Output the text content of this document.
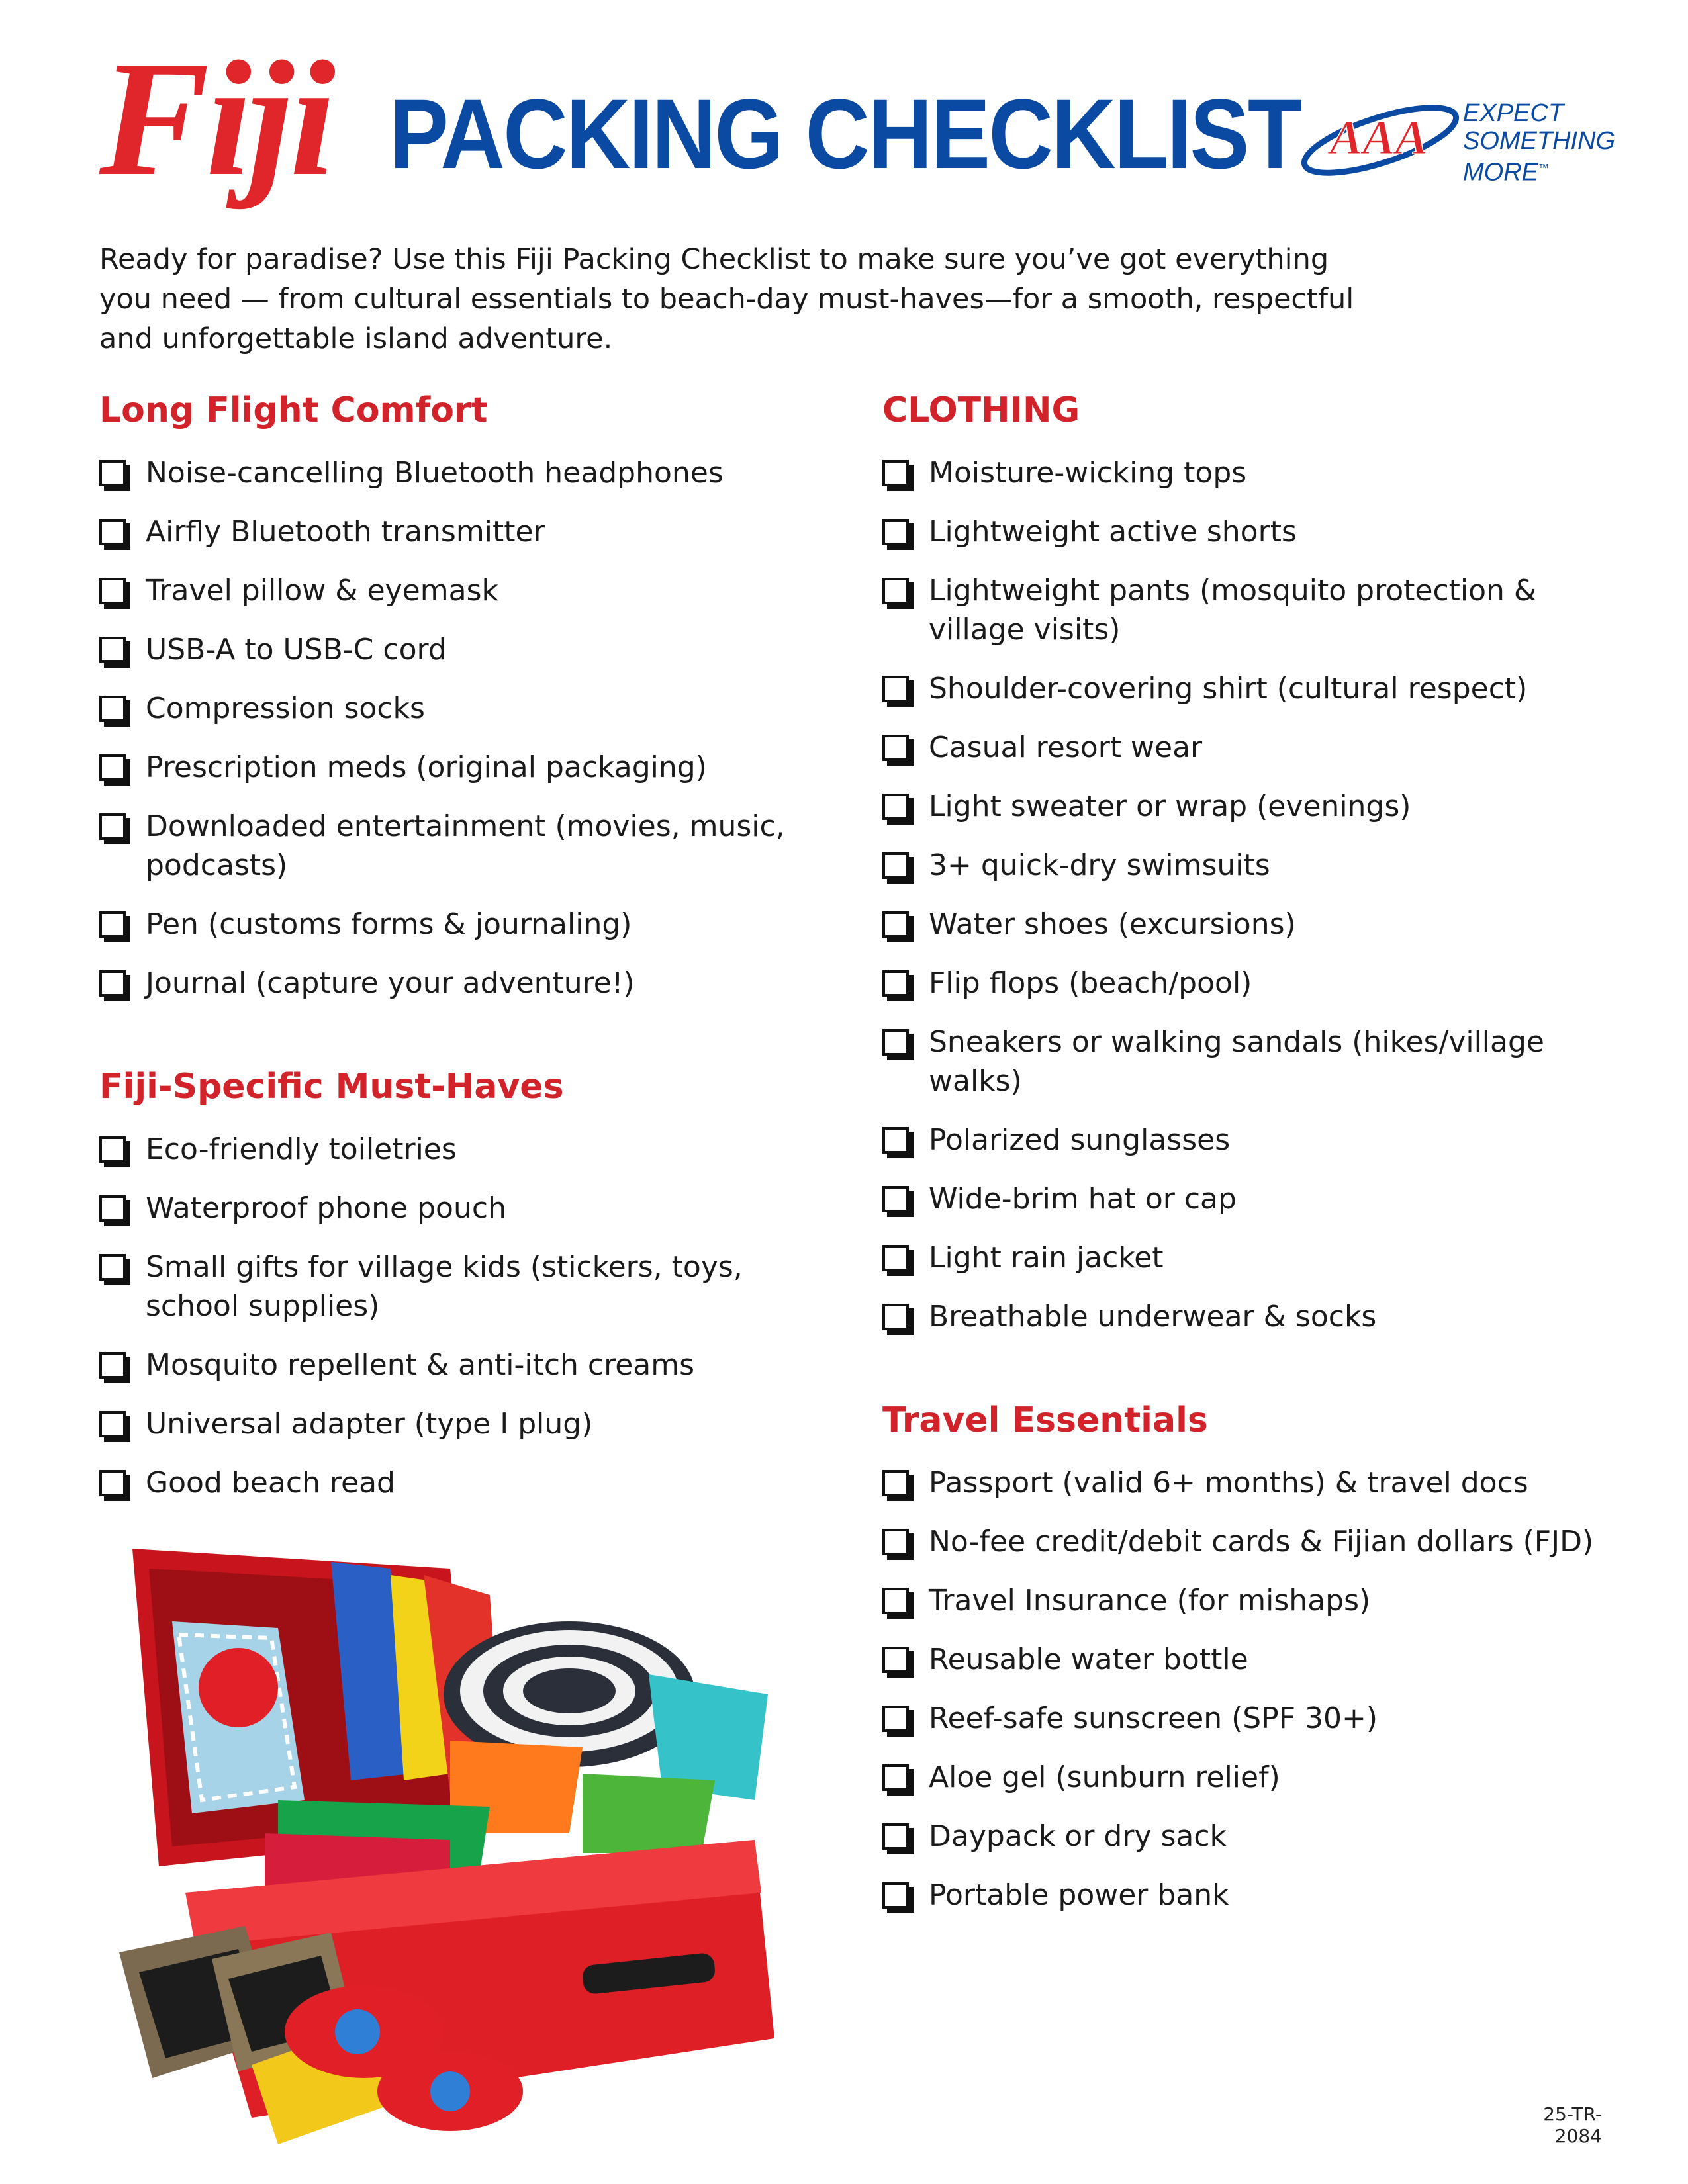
Fiji PACKING CHECKLIST AAA EXPECT
SOMETHING
MORE™
Ready for paradise? Use this Fiji Packing Checklist to make sure you’ve got everything you need — from cultural essentials to beach-day must-haves—for a smooth, respectful and unforgettable island adventure.
Long Flight Comfort
Noise-cancelling Bluetooth headphones
Airfly Bluetooth transmitter
Travel pillow & eyemask
USB-A to USB-C cord
Compression socks
Prescription meds (original packaging)
Downloaded entertainment (movies, music, podcasts)
Pen (customs forms & journaling)
Journal (capture your adventure!)
Fiji-Specific Must-Haves
Eco-friendly toiletries
Waterproof phone pouch
Small gifts for village kids (stickers, toys, school supplies)
Mosquito repellent & anti-itch creams
Universal adapter (type I plug)
Good beach read
CLOTHING
Moisture-wicking tops
Lightweight active shorts
Lightweight pants (mosquito protection & village visits)
Shoulder-covering shirt (cultural respect)
Casual resort wear
Light sweater or wrap (evenings)
3+ quick-dry swimsuits
Water shoes (excursions)
Flip flops (beach/pool)
Sneakers or walking sandals (hikes/village walks)
Polarized sunglasses
Wide-brim hat or cap
Light rain jacket
Breathable underwear & socks
Travel Essentials
Passport (valid 6+ months) & travel docs
No-fee credit/debit cards & Fijian dollars (FJD)
Travel Insurance (for mishaps)
Reusable water bottle
Reef-safe sunscreen (SPF 30+)
Aloe gel (sunburn relief)
Daypack or dry sack
Portable power bank
25-TR-2084
